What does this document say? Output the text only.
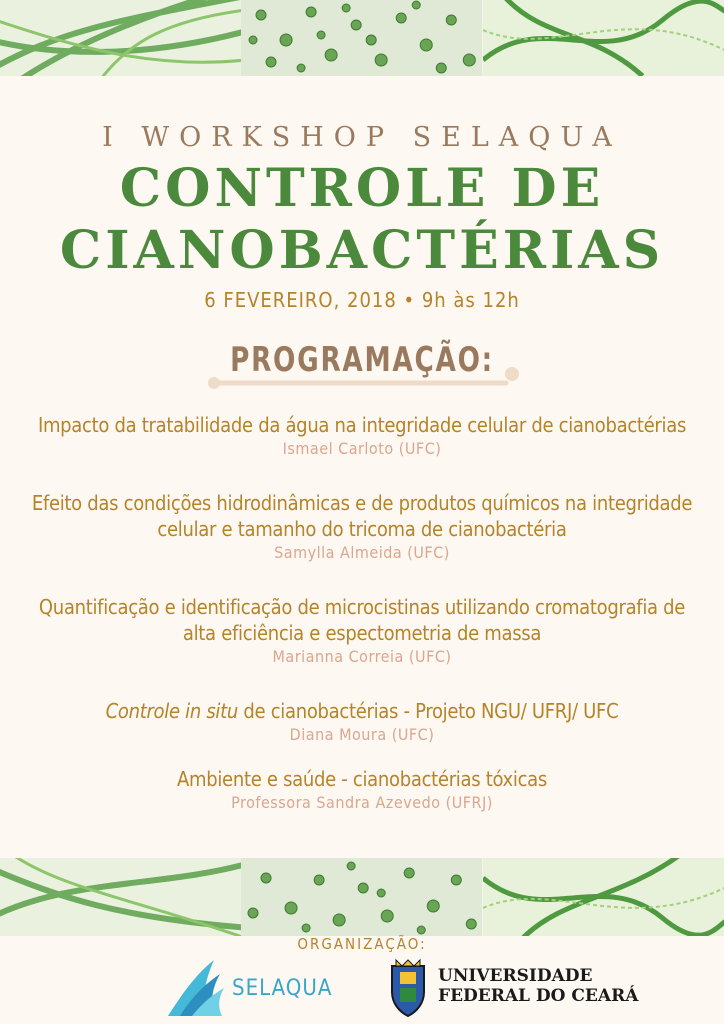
I WORKSHOP SELAQUA
CONTROLE DE
CIANOBACTÉRIAS
6 FEVEREIRO, 2018 • 9h às 12h
PROGRAMAÇÃO:
Impacto da tratabilidade da água na integridade celular de cianobactérias
Ismael Carloto (UFC)
Efeito das condições hidrodinâmicas e de produtos químicos na integridade
celular e tamanho do tricoma de cianobactéria
Samylla Almeida (UFC)
Quantificação e identificação de microcistinas utilizando cromatografia de
alta eficiência e espectometria de massa
Marianna Correia (UFC)
Controle in situ de cianobactérias - Projeto NGU/ UFRJ/ UFC
Diana Moura (UFC)
Ambiente e saúde - cianobactérias tóxicas
Professora Sandra Azevedo (UFRJ)
ORGANIZAÇÃO:
SELAQUA	UNIVERSIDADE
FEDERAL DO CEARÁ
